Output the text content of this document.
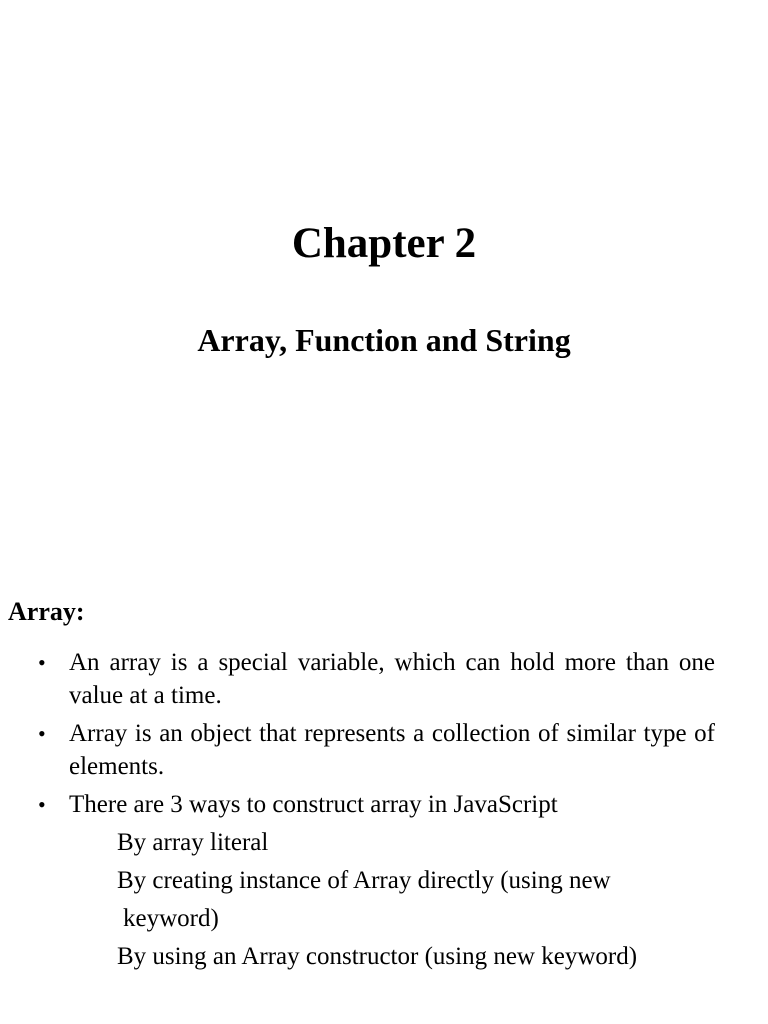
Chapter 2
Array, Function and String
Array:
• An array is a special variable, which can hold more than one value at a time.
• Array is an object that represents a collection of similar type of elements.
• There are 3 ways to construct array in JavaScript
By array literal
By creating instance of Array directly (using new
keyword)
By using an Array constructor (using new keyword)
